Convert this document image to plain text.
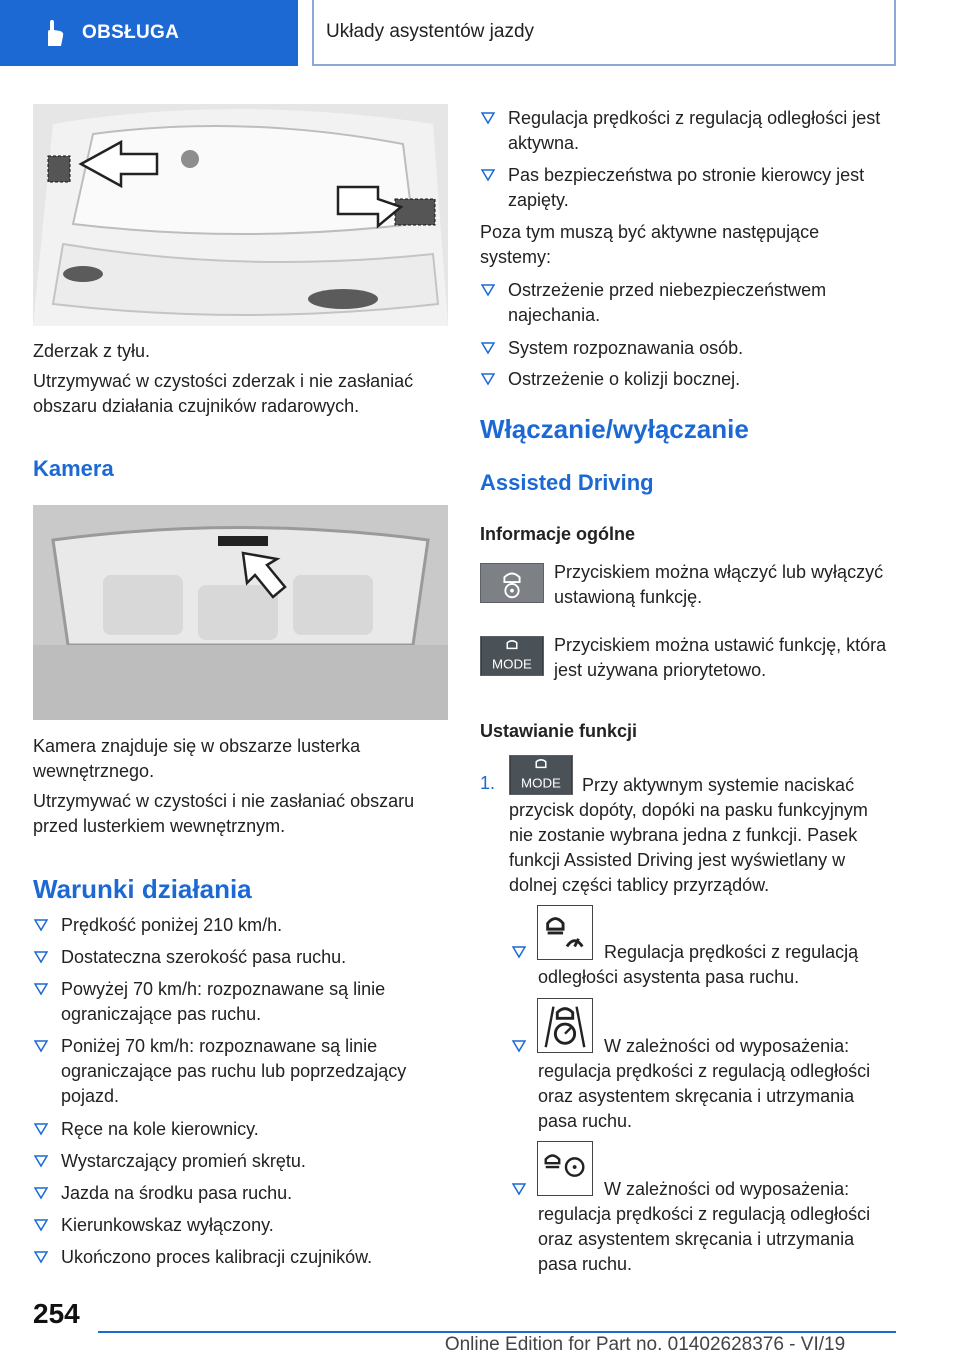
OBSŁUGA	Układy asystentów jazdy
Zderzak z tyłu.
Utrzymywać w czystości zderzak i nie zasłaniać obszaru działania czujników radarowych.
Kamera
Kamera znajduje się w obszarze lusterka wewnętrznego.
Utrzymywać w czystości i nie zasłaniać obszaru przed lusterkiem wewnętrznym.
Warunki działania
Prędkość poniżej 210 km/h.
Dostateczna szerokość pasa ruchu.
Powyżej 70 km/h: rozpoznawane są linie ograniczające pas ruchu.
Poniżej 70 km/h: rozpoznawane są linie ograniczające pas ruchu lub poprzedzający pojazd.
Ręce na kole kierownicy.
Wystarczający promień skrętu.
Jazda na środku pasa ruchu.
Kierunkowskaz wyłączony.
Ukończono proces kalibracji czujników.
Regulacja prędkości z regulacją odległości jest aktywna.
Pas bezpieczeństwa po stronie kierowcy jest zapięty.
Poza tym muszą być aktywne następujące systemy:
Ostrzeżenie przed niebezpieczeństwem najechania.
System rozpoznawania osób.
Ostrzeżenie o kolizji bocznej.
Włączanie/wyłączanie
Assisted Driving
Informacje ogólne
Przyciskiem można włączyć lub wyłączyć ustawioną funkcję.
MODE
Przyciskiem można ustawić funkcję, która jest używana priorytetowo.
Ustawianie funkcji
1. MODE	Przy aktywnym systemie naciskać przycisk dopóty, dopóki na pasku funkcyjnym nie zostanie wybrana jedna z funkcji. Pasek funkcji Assisted Driving jest wyświetlany w dolnej części tablicy przyrządów.
Regulacja prędkości z regulacją odległości asystenta pasa ruchu.
W zależności od wyposażenia: regulacja prędkości z regulacją odległości oraz asystentem skręcania i utrzymania pasa ruchu.
W zależności od wyposażenia: regulacja prędkości z regulacją odległości oraz asystentem skręcania i utrzymania pasa ruchu.
254
Online Edition for Part no. 01402628376 - VI/19
